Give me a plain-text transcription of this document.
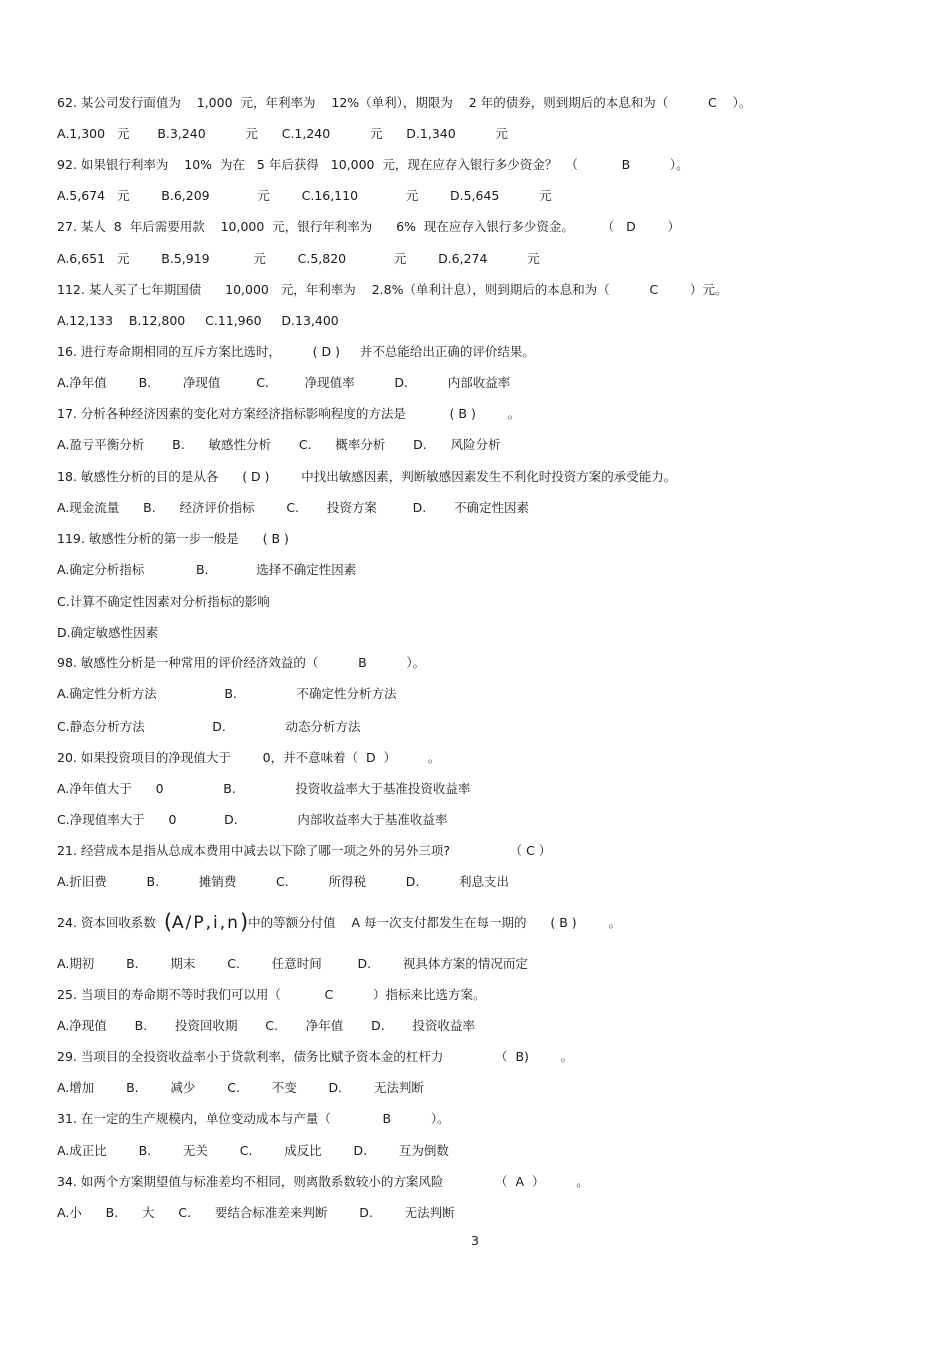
62. 某公司发行面值为    1,000  元，年利率为    12%（单利），期限为    2 年的债券，则到期后的本息和为（          C    ）。
A.1,300   元       B.3,240          元      C.1,240          元      D.1,340          元
92. 如果银行利率为    10%  为在   5 年后获得   10,000  元，现在应存入银行多少资金？  （           B          ）。
A.5,674   元        B.6,209            元        C.16,110            元        D.5,645          元
27. 某人  8  年后需要用款    10,000  元，银行年利率为      6%  现在应存入银行多少资金。       （   D        ）
A.6,651   元        B.5,919           元        C.5,820            元        D.6,274          元
112. 某人买了七年期国债      10,000   元，年利率为    2.8%（单利计息），则到期后的本息和为（          C        ）元。
A.12,133    B.12,800     C.11,960     D.13,400
16. 进行寿命期相同的互斥方案比选时，        ( D )     并不总能给出正确的评价结果。
A.净年值        B.        净现值         C.         净现值率          D.          内部收益率
17. 分析各种经济因素的变化对方案经济指标影响程度的方法是           ( B )        。
A.盈亏平衡分析       B.      敏感性分析       C.      概率分析       D.      风险分析
18. 敏感性分析的目的是从各      ( D )        中找出敏感因素，判断敏感因素发生不利化时投资方案的承受能力。
A.现金流量      B.      经济评价指标        C.       投资方案         D.       不确定性因素
119. 敏感性分析的第一步一般是      ( B )
A.确定分析指标             B.            选择不确定性因素
C.计算不确定性因素对分析指标的影响
D.确定敏感性因素
98. 敏感性分析是一种常用的评价经济效益的（          B          ）。
A.确定性分析方法                 B.               不确定性分析方法
C.静态分析方法                 D.               动态分析方法
20. 如果投资项目的净现值大于        0，并不意味着（  D  ）        。
A.净年值大于      0               B.               投资收益率大于基准投资收益率
C.净现值率大于      0            D.               内部收益率大于基准收益率
21. 经营成本是指从总成本费用中减去以下除了哪一项之外的另外三项?               （ C ）
A.折旧费          B.          摊销费          C.          所得税          D.          利息支出
24. 资本回收系数  (A/P,i,n)中的等额分付值    A 每一次支付都发生在每一期的      ( B )        。
A.期初        B.        期末        C.        任意时间         D.        视具体方案的情况而定
25. 当项目的寿命期不等时我们可以用（           C          ）指标来比选方案。
A.净现值       B.       投资回收期       C.       净年值       D.       投资收益率
29. 当项目的全投资收益率小于贷款利率，债务比赋予资本金的杠杆力             （  B)        。
A.增加        B.        减少        C.        不变        D.        无法判断
31. 在一定的生产规模内，单位变动成本与产量（             B          ）。
A.成正比        B.        无关        C.        成反比        D.        互为倒数
34. 如两个方案期望值与标准差均不相同，则离散系数较小的方案风险             （  A  ）        。
A.小      B.      大      C.      要结合标准差来判断        D.        无法判断
3
